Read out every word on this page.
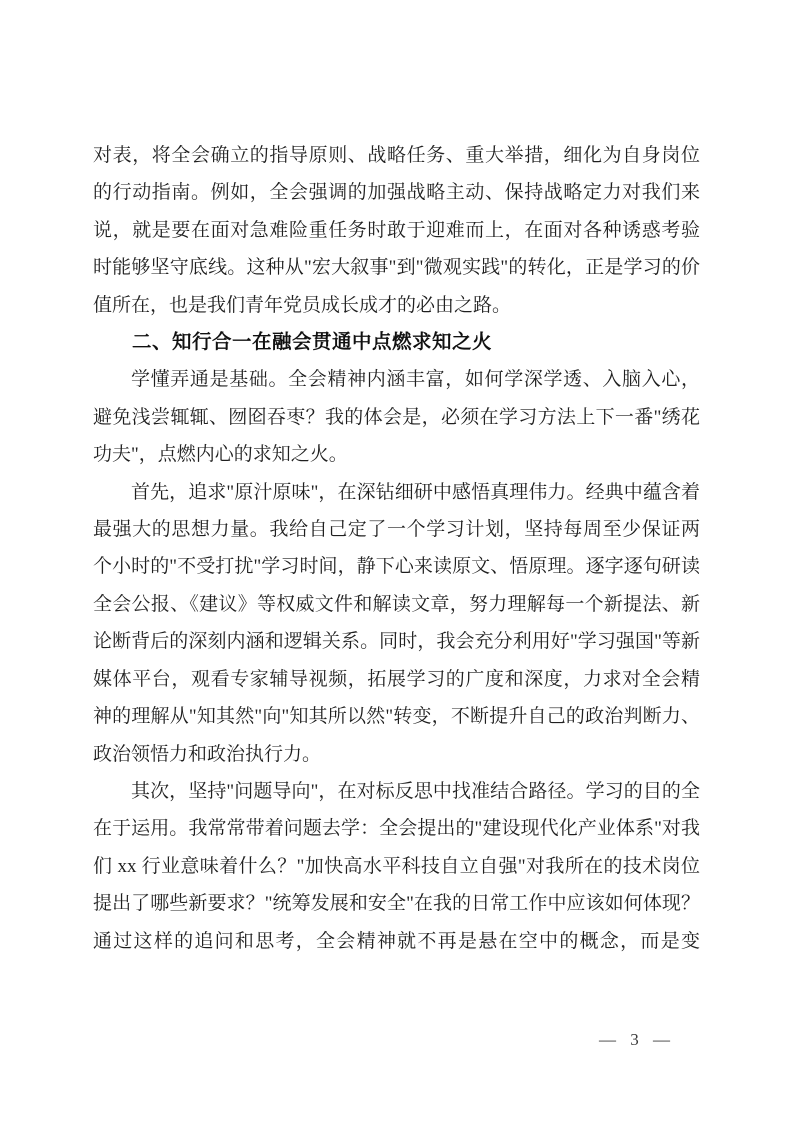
对表，将全会确立的指导原则、战略任务、重大举措，细化为自身岗位的行动指南。例如，全会强调的加强战略主动、保持战略定力对我们来说，就是要在面对急难险重任务时敢于迎难而上，在面对各种诱惑考验时能够坚守底线。这种从"宏大叙事"到"微观实践"的转化，正是学习的价值所在，也是我们青年党员成长成才的必由之路。

二、知行合一在融会贯通中点燃求知之火

学懂弄通是基础。全会精神内涵丰富，如何学深学透、入脑入心，避免浅尝辄辄、囫囵吞枣？我的体会是，必须在学习方法上下一番"绣花功夫"，点燃内心的求知之火。

首先，追求"原汁原味"，在深钻细研中感悟真理伟力。经典中蕴含着最强大的思想力量。我给自己定了一个学习计划，坚持每周至少保证两个小时的"不受打扰"学习时间，静下心来读原文、悟原理。逐字逐句研读全会公报、《建议》等权威文件和解读文章，努力理解每一个新提法、新论断背后的深刻内涵和逻辑关系。同时，我会充分利用好"学习强国"等新媒体平台，观看专家辅导视频，拓展学习的广度和深度，力求对全会精神的理解从"知其然"向"知其所以然"转变，不断提升自己的政治判断力、政治领悟力和政治执行力。

其次，坚持"问题导向"，在对标反思中找准结合路径。学习的目的全在于运用。我常常带着问题去学：全会提出的"建设现代化产业体系"对我们 xx 行业意味着什么？"加快高水平科技自立自强"对我所在的技术岗位提出了哪些新要求？"统筹发展和安全"在我的日常工作中应该如何体现？通过这样的追问和思考，全会精神就不再是悬在空中的概念，而是变

— 3 —
